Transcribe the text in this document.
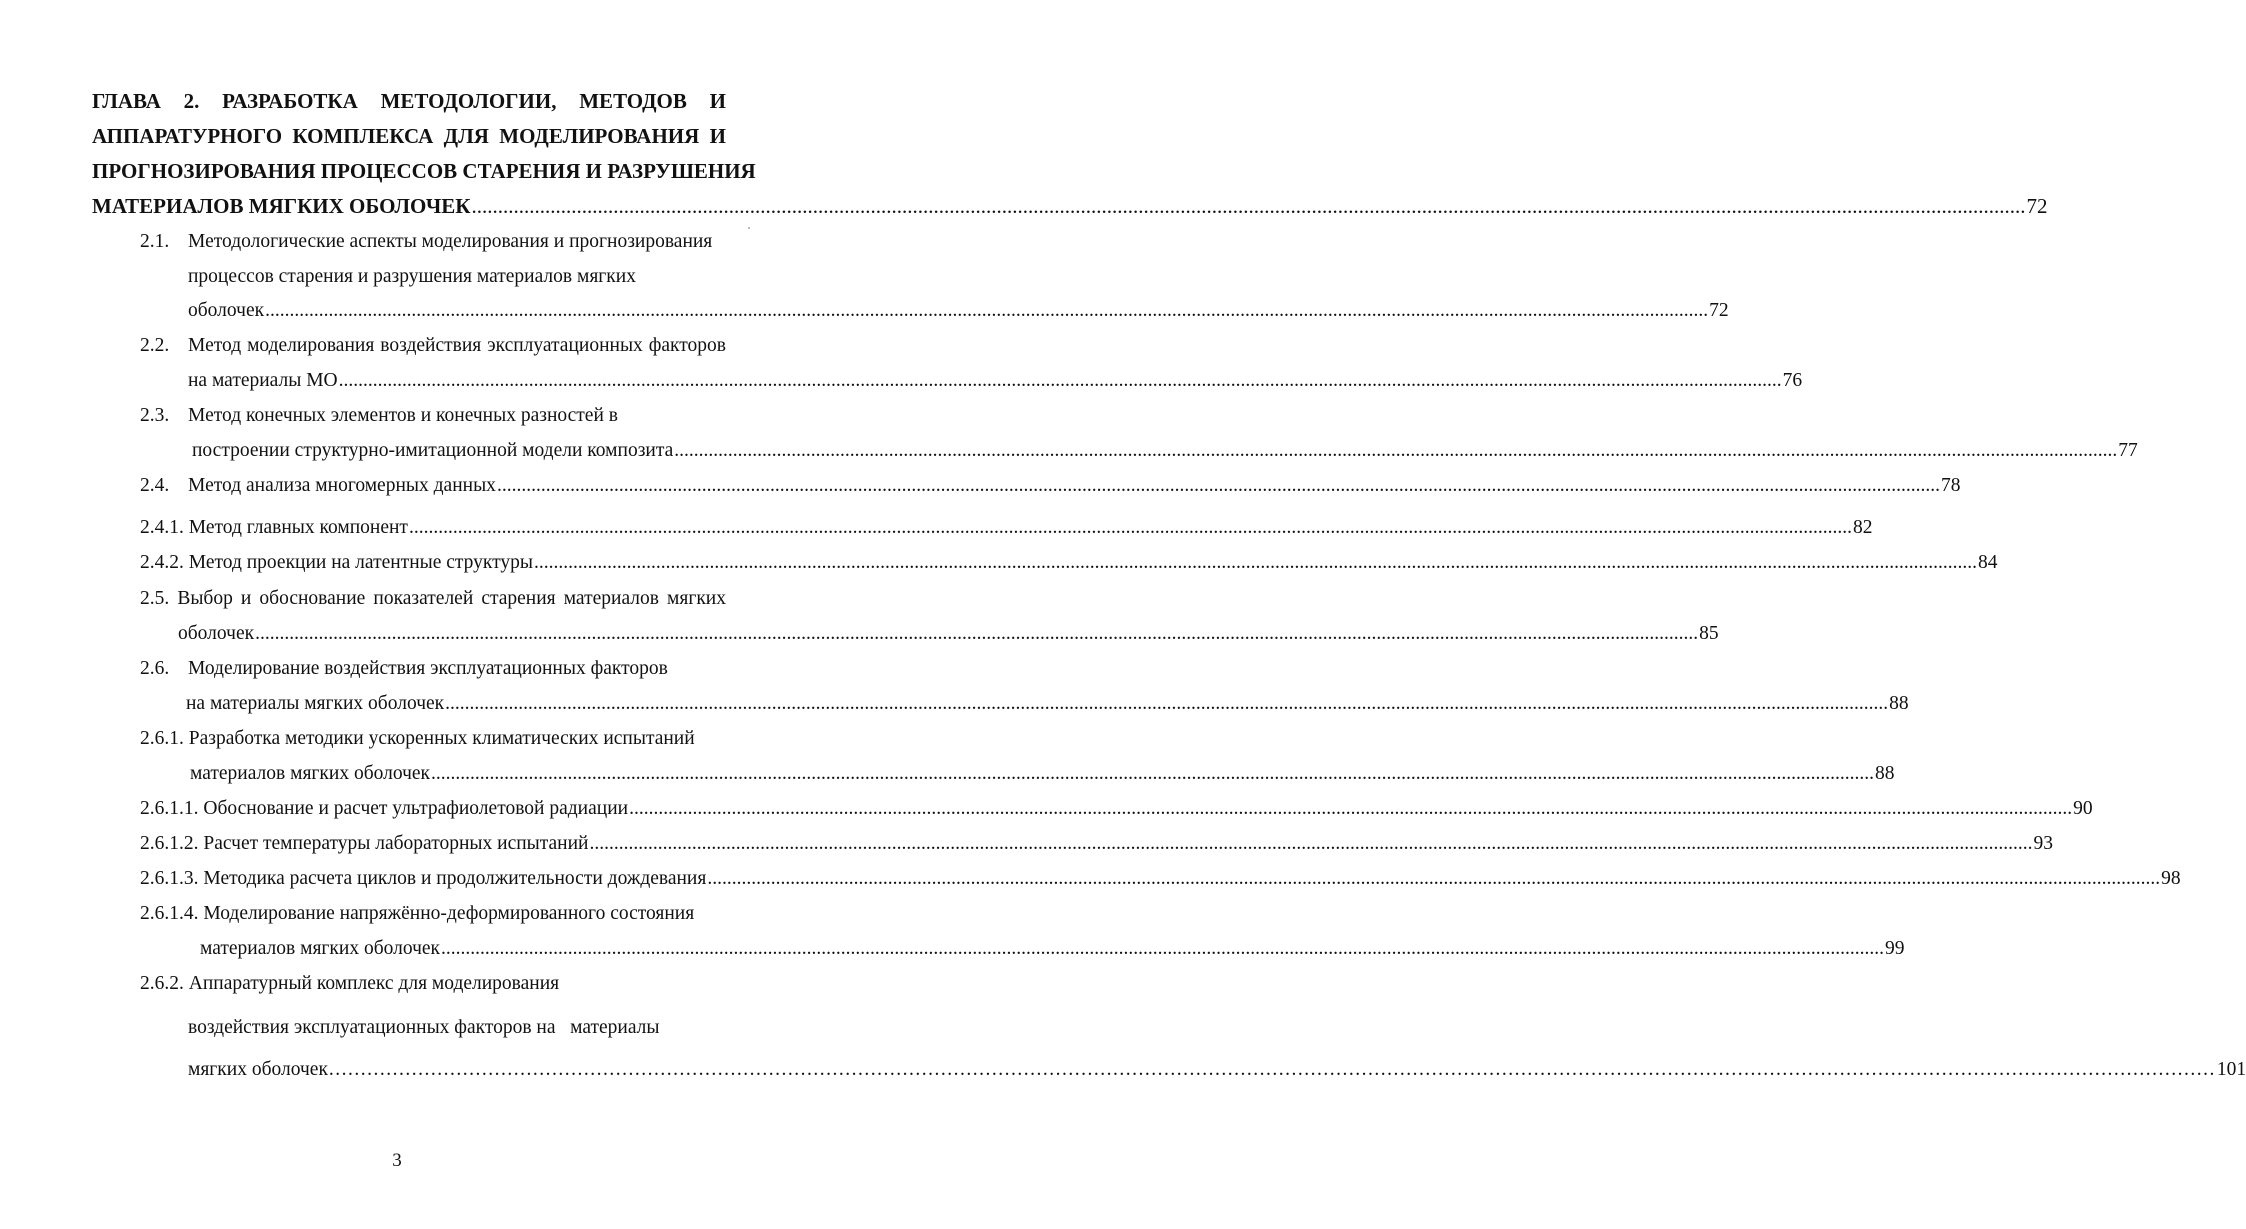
ГЛАВА 2. РАЗРАБОТКА МЕТОДОЛОГИИ, МЕТОДОВ И
АППАРАТУРНОГО КОМПЛЕКСА ДЛЯ МОДЕЛИРОВАНИЯ И
ПРОГНОЗИРОВАНИЯ ПРОЦЕССОВ СТАРЕНИЯ И РАЗРУШЕНИЯ
МАТЕРИАЛОВ МЯГКИХ ОБОЛОЧЕК .....	72
2.1. Методологические аспекты моделирования и прогнозирования
процессов старения и разрушения материалов мягких
оболочек .....	72
2.2. Метод моделирования воздействия эксплуатационных факторов
на материалы МО .....	76
2.3. Метод конечных элементов и конечных разностей в
построении структурно-имитационной модели композита .....	77
2.4. Метод анализа многомерных данных .....	78
2.4.1. Метод главных компонент .....	82
2.4.2. Метод проекции на латентные структуры .....	84
2.5. Выбор и обоснование показателей старения материалов мягких
оболочек .....	85
2.6. Моделирование воздействия эксплуатационных факторов
на материалы мягких оболочек .....	88
2.6.1. Разработка методики ускоренных климатических испытаний
материалов мягких оболочек .....	88
2.6.1.1. Обоснование и расчет ультрафиолетовой радиации .....	90
2.6.1.2. Расчет температуры лабораторных испытаний .....	93
2.6.1.3. Методика расчета циклов и продолжительности дождевания	..... .. 98
2.6.1.4. Моделирование напряжённо-деформированного состояния
материалов мягких оболочек .....	99
2.6.2. Аппаратурный комплекс для моделирования
воздействия эксплуатационных факторов на   материалы
мягких оболочек .....	101
3
